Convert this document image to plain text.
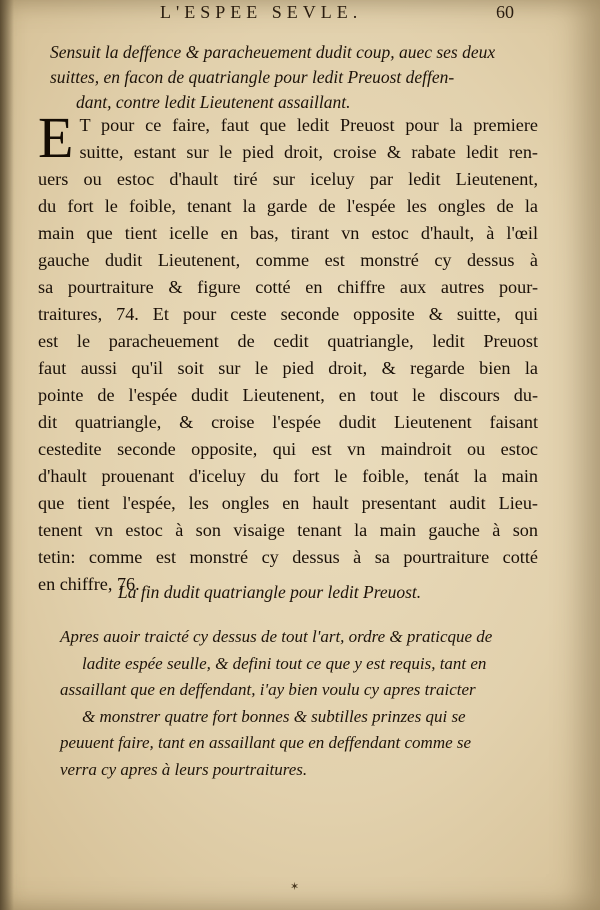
L'ESPEE SEVLE.	60
Sensuit la deffence & paracheuement dudit coup, auec ses deux
suittes, en facon de quatriangle pour ledit Preuost deffen-
dant, contre ledit Lieutenent assaillant.
E T pour ce faire, faut que ledit Preuost pour la premiere
suitte, estant sur le pied droit, croise & rabate ledit ren-
uers ou estoc d'hault tiré sur iceluy par ledit Lieutenent,
du fort le foible, tenant la garde de l'espée les ongles de la
main que tient icelle en bas, tirant vn estoc d'hault, à l'œil
gauche dudit Lieutenent, comme est monstré cy dessus à
sa pourtraiture & figure cotté en chiffre aux autres pour-
traitures, 74. Et pour ceste seconde opposite & suitte, qui
est le paracheuement de cedit quatriangle, ledit Preuost
faut aussi qu'il soit sur le pied droit, & regarde bien la
pointe de l'espée dudit Lieutenent, en tout le discours du-
dit quatriangle, & croise l'espée dudit Lieutenent faisant
cestedite seconde opposite, qui est vn maindroit ou estoc
d'hault prouenant d'iceluy du fort le foible, tenát la main
que tient l'espée, les ongles en hault presentant audit Lieu-
tenent vn estoc à son visaige tenant la main gauche à son
tetin: comme est monstré cy dessus à sa pourtraiture cotté
en chiffre, 76.
La fin dudit quatriangle pour ledit Preuost.
Apres auoir traicté cy dessus de tout l'art, ordre & praticque de
ladite espée seulle, & defini tout ce que y est requis, tant en
assaillant que en deffendant, i'ay bien voulu cy apres traicter
& monstrer quatre fort bonnes & subtilles prinzes qui se
peuuent faire, tant en assaillant que en deffendant comme se
verra cy apres à leurs pourtraitures.
✶
